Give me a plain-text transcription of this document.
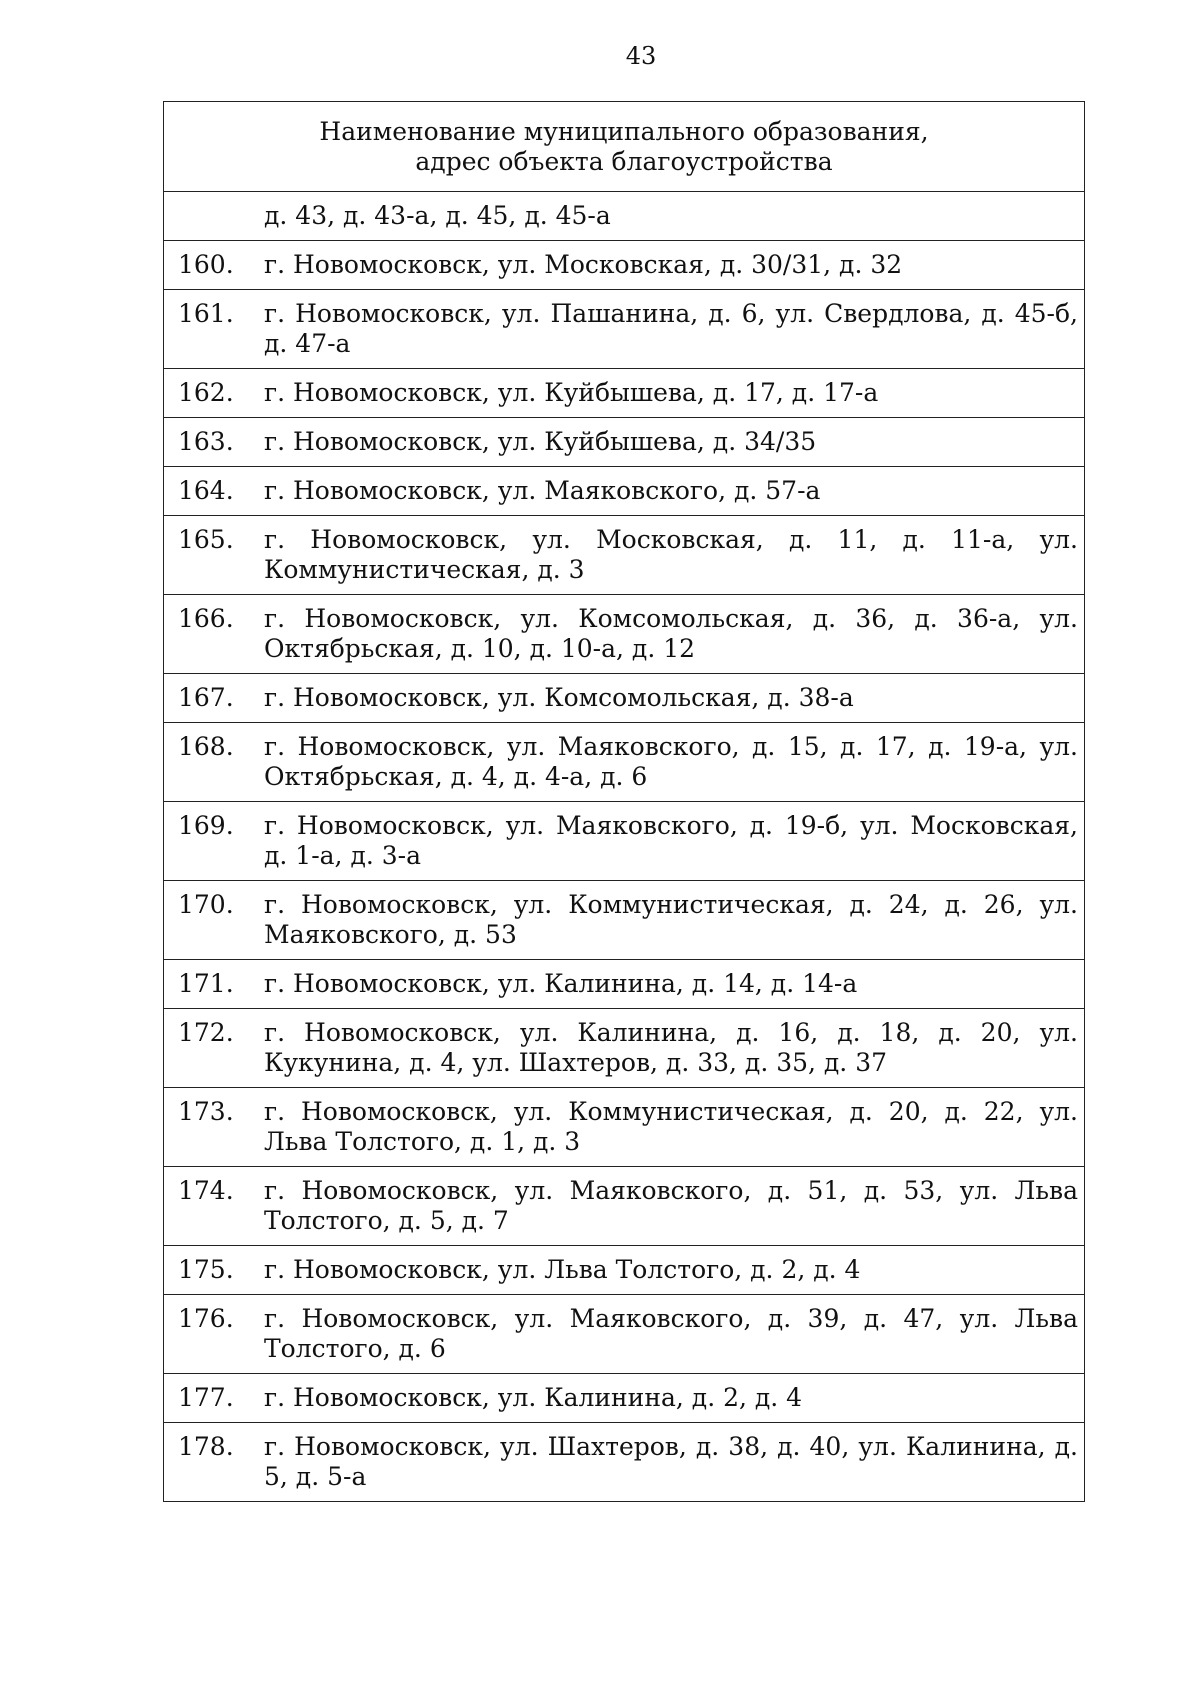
43
Наименование муниципального образования,
адрес объекта благоустройства	

	д. 43, д. 43-а, д. 45, д. 45-а
160.	г. Новомосковск, ул. Московская, д. 30/31, д. 32
161.	г. Новомосковск, ул. Пашанина, д. 6, ул. Свердлова, д. 45-б, д. 47-а
162.	г. Новомосковск, ул. Куйбышева, д. 17, д. 17-а
163.	г. Новомосковск, ул. Куйбышева, д. 34/35
164.	г. Новомосковск, ул. Маяковского, д. 57-а
165.	г. Новомосковск, ул. Московская, д. 11, д. 11-а, ул. Коммунистическая, д. 3
166.	г. Новомосковск, ул. Комсомольская, д. 36, д. 36-а, ул. Октябрьская, д. 10, д. 10-а, д. 12
167.	г. Новомосковск, ул. Комсомольская, д. 38-а
168.	г. Новомосковск, ул. Маяковского, д. 15, д. 17, д. 19-а, ул. Октябрьская, д. 4, д. 4-а, д. 6
169.	г. Новомосковск, ул. Маяковского, д. 19-б, ул. Московская, д. 1-а, д. 3-а
170.	г. Новомосковск, ул. Коммунистическая, д. 24, д. 26, ул. Маяковского, д. 53
171.	г. Новомосковск, ул. Калинина, д. 14, д. 14-а
172.	г. Новомосковск, ул. Калинина, д. 16, д. 18, д. 20, ул. Кукунина, д. 4, ул. Шахтеров, д. 33, д. 35, д. 37
173.	г. Новомосковск, ул. Коммунистическая, д. 20, д. 22, ул. Льва Толстого, д. 1, д. 3
174.	г. Новомосковск, ул. Маяковского, д. 51, д. 53, ул. Льва Толстого, д. 5, д. 7
175.	г. Новомосковск, ул. Льва Толстого, д. 2, д. 4
176.	г. Новомосковск, ул. Маяковского, д. 39, д. 47, ул. Льва Толстого, д. 6
177.	г. Новомосковск, ул. Калинина, д. 2, д. 4
178.	г. Новомосковск, ул. Шахтеров, д. 38, д. 40, ул. Калинина, д. 5, д. 5-а
